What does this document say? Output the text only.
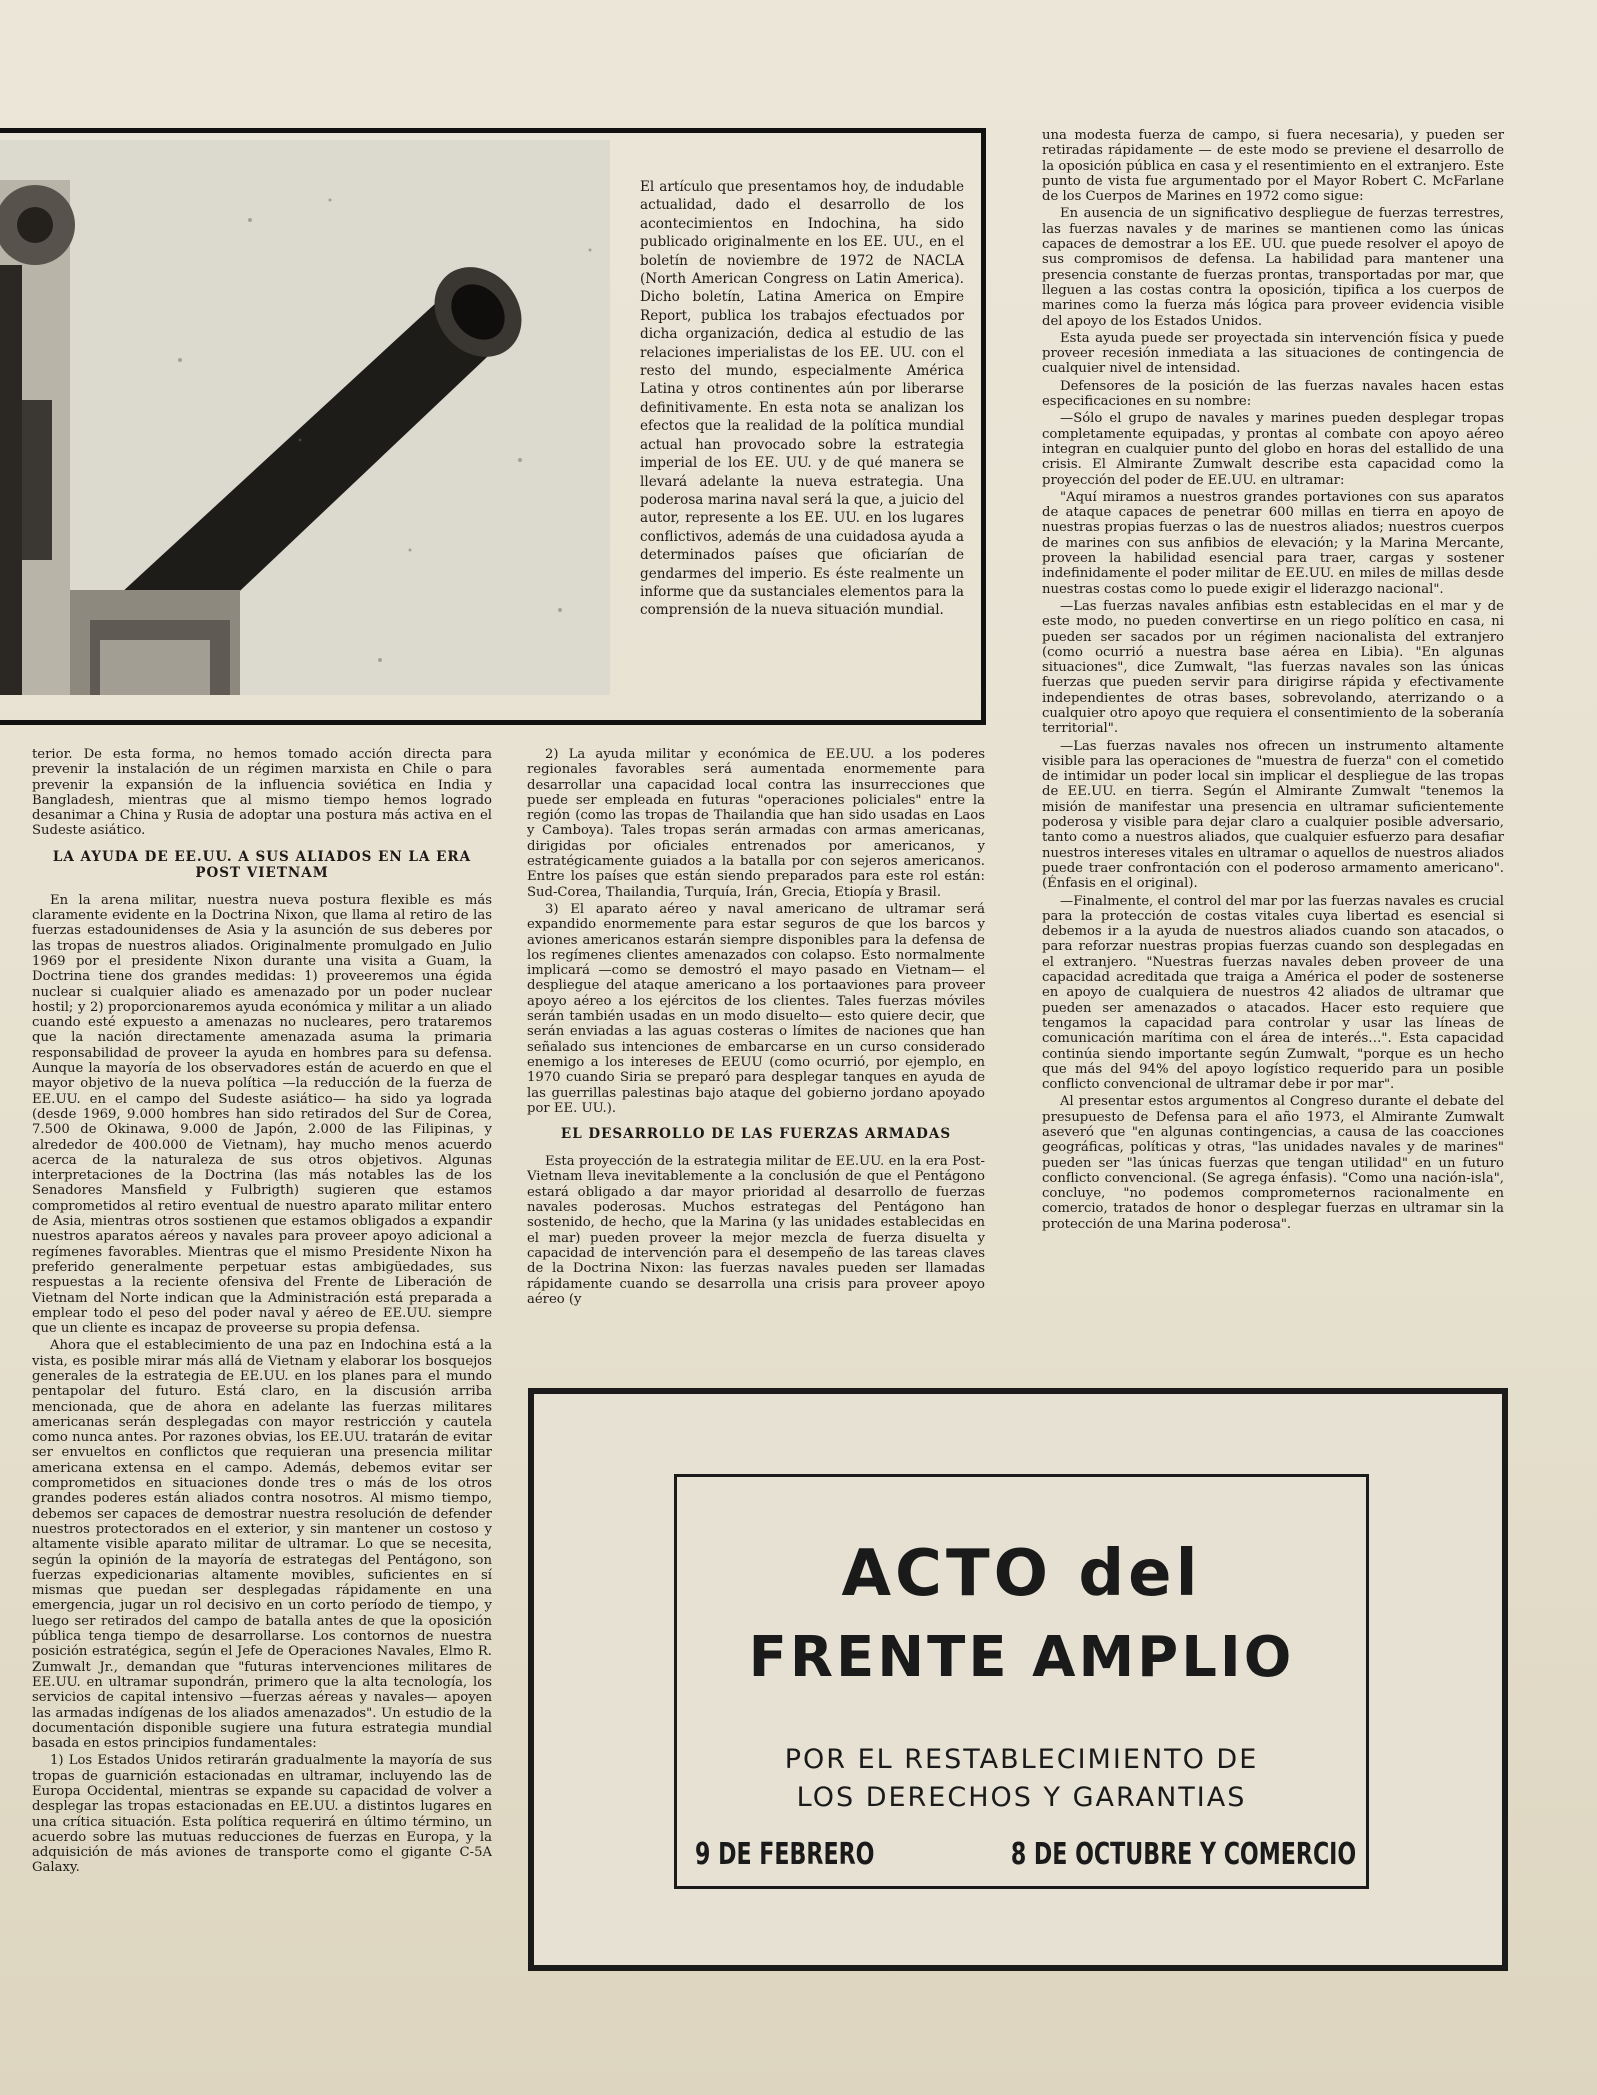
El artículo que presentamos hoy, de indudable actualidad, dado el desarrollo de los acontecimientos en Indochina, ha sido publicado originalmente en los EE. UU., en el boletín de noviembre de 1972 de NACLA (North American Congress on Latin America). Dicho boletín, Latina America on Empire Report, publica los trabajos efectuados por dicha organización, dedica al estudio de las relaciones imperialistas de los EE. UU. con el resto del mundo, especialmente América Latina y otros continentes aún por liberarse definitivamente. En esta nota se analizan los efectos que la realidad de la política mundial actual han provocado sobre la estrategia imperial de los EE. UU. y de qué manera se llevará adelante la nueva estrategia. Una poderosa marina naval será la que, a juicio del autor, represente a los EE. UU. en los lugares conflictivos, además de una cuidadosa ayuda a determinados países que oficiarían de gendarmes del imperio. Es éste realmente un informe que da sustanciales elementos para la comprensión de la nueva situación mundial.

terior. De esta forma, no hemos tomado acción directa para prevenir la instalación de un régimen marxista en Chile o para prevenir la expansión de la influencia soviética en India y Bangladesh, mientras que al mismo tiempo hemos logrado desanimar a China y Rusia de adoptar una postura más activa en el Sudeste asiático.

LA AYUDA DE EE.UU. A SUS ALIADOS EN LA ERA POST VIETNAM

En la arena militar, nuestra nueva postura flexible es más claramente evidente en la Doctrina Nixon, que llama al retiro de las fuerzas estadounidenses de Asia y la asunción de sus deberes por las tropas de nuestros aliados. Originalmente promulgado en Julio 1969 por el presidente Nixon durante una visita a Guam, la Doctrina tiene dos grandes medidas: 1) proveeremos una égida nuclear si cualquier aliado es amenazado por un poder nuclear hostil; y 2) proporcionaremos ayuda económica y militar a un aliado cuando esté expuesto a amenazas no nucleares, pero trataremos que la nación directamente amenazada asuma la primaria responsabilidad de proveer la ayuda en hombres para su defensa. Aunque la mayoría de los observadores están de acuerdo en que el mayor objetivo de la nueva política —la reducción de la fuerza de EE.UU. en el campo del Sudeste asiático— ha sido ya lograda (desde 1969, 9.000 hombres han sido retirados del Sur de Corea, 7.500 de Okinawa, 9.000 de Japón, 2.000 de las Filipinas, y alrededor de 400.000 de Vietnam), hay mucho menos acuerdo acerca de la naturaleza de sus otros objetivos. Algunas interpretaciones de la Doctrina (las más notables las de los Senadores Mansfield y Fulbrigth) sugieren que estamos comprometidos al retiro eventual de nuestro aparato militar entero de Asia, mientras otros sostienen que estamos obligados a expandir nuestros aparatos aéreos y navales para proveer apoyo adicional a regímenes favorables. Mientras que el mismo Presidente Nixon ha preferido generalmente perpetuar estas ambigüedades, sus respuestas a la reciente ofensiva del Frente de Liberación de Vietnam del Norte indican que la Administración está preparada a emplear todo el peso del poder naval y aéreo de EE.UU. siempre que un cliente es incapaz de proveerse su propia defensa.

Ahora que el establecimiento de una paz en Indochina está a la vista, es posible mirar más allá de Vietnam y elaborar los bosquejos generales de la estrategia de EE.UU. en los planes para el mundo pentapolar del futuro. Está claro, en la discusión arriba mencionada, que de ahora en adelante las fuerzas militares americanas serán desplegadas con mayor restricción y cautela como nunca antes. Por razones obvias, los EE.UU. tratarán de evitar ser envueltos en conflictos que requieran una presencia militar americana extensa en el campo. Además, debemos evitar ser comprometidos en situaciones donde tres o más de los otros grandes poderes están aliados contra nosotros. Al mismo tiempo, debemos ser capaces de demostrar nuestra resolución de defender nuestros protectorados en el exterior, y sin mantener un costoso y altamente visible aparato militar de ultramar. Lo que se necesita, según la opinión de la mayoría de estrategas del Pentágono, son fuerzas expedicionarias altamente movibles, suficientes en sí mismas que puedan ser desplegadas rápidamente en una emergencia, jugar un rol decisivo en un corto período de tiempo, y luego ser retirados del campo de batalla antes de que la oposición pública tenga tiempo de desarrollarse. Los contornos de nuestra posición estratégica, según el Jefe de Operaciones Navales, Elmo R. Zumwalt Jr., demandan que "futuras intervenciones militares de EE.UU. en ultramar supondrán, primero que la alta tecnología, los servicios de capital intensivo —fuerzas aéreas y navales— apoyen las armadas indígenas de los aliados amenazados". Un estudio de la documentación disponible sugiere una futura estrategia mundial basada en estos principios fundamentales:

1) Los Estados Unidos retirarán gradualmente la mayoría de sus tropas de guarnición estacionadas en ultramar, incluyendo las de Europa Occidental, mientras se expande su capacidad de volver a desplegar las tropas estacionadas en EE.UU. a distintos lugares en una crítica situación. Esta política requerirá en último término, un acuerdo sobre las mutuas reducciones de fuerzas en Europa, y la adquisición de más aviones de transporte como el gigante C-5A Galaxy.

2) La ayuda militar y económica de EE.UU. a los poderes regionales favorables será aumentada enormemente para desarrollar una capacidad local contra las insurrecciones que puede ser empleada en futuras "operaciones policiales" entre la región (como las tropas de Thailandia que han sido usadas en Laos y Camboya). Tales tropas serán armadas con armas americanas, dirigidas por oficiales entrenados por americanos, y estratégicamente guiados a la batalla por con sejeros americanos. Entre los países que están siendo preparados para este rol están: Sud-Corea, Thailandia, Turquía, Irán, Grecia, Etiopía y Brasil.

3) El aparato aéreo y naval americano de ultramar será expandido enormemente para estar seguros de que los barcos y aviones americanos estarán siempre disponibles para la defensa de los regímenes clientes amenazados con colapso. Esto normalmente implicará —como se demostró el mayo pasado en Vietnam— el despliegue del ataque americano a los portaaviones para proveer apoyo aéreo a los ejércitos de los clientes. Tales fuerzas móviles serán también usadas en un modo disuelto— esto quiere decir, que serán enviadas a las aguas costeras o límites de naciones que han señalado sus intenciones de embarcarse en un curso considerado enemigo a los intereses de EEUU (como ocurrió, por ejemplo, en 1970 cuando Siria se preparó para desplegar tanques en ayuda de las guerrillas palestinas bajo ataque del gobierno jordano apoyado por EE. UU.).

EL DESARROLLO DE LAS FUERZAS ARMADAS

Esta proyección de la estrategia militar de EE.UU. en la era Post-Vietnam lleva inevitablemente a la conclusión de que el Pentágono estará obligado a dar mayor prioridad al desarrollo de fuerzas navales poderosas. Muchos estrategas del Pentágono han sostenido, de hecho, que la Marina (y las unidades establecidas en el mar) pueden proveer la mejor mezcla de fuerza disuelta y capacidad de intervención para el desempeño de las tareas claves de la Doctrina Nixon: las fuerzas navales pueden ser llamadas rápidamente cuando se desarrolla una crisis para proveer apoyo aéreo (y

una modesta fuerza de campo, si fuera necesaria), y pueden ser retiradas rápidamente — de este modo se previene el desarrollo de la oposición pública en casa y el resentimiento en el extranjero. Este punto de vista fue argumentado por el Mayor Robert C. McFarlane de los Cuerpos de Marines en 1972 como sigue:

En ausencia de un significativo despliegue de fuerzas terrestres, las fuerzas navales y de marines se mantienen como las únicas capaces de demostrar a los EE. UU. que puede resolver el apoyo de sus compromisos de defensa. La habilidad para mantener una presencia constante de fuerzas prontas, transportadas por mar, que lleguen a las costas contra la oposición, tipifica a los cuerpos de marines como la fuerza más lógica para proveer evidencia visible del apoyo de los Estados Unidos.

Esta ayuda puede ser proyectada sin intervención física y puede proveer recesión inmediata a las situaciones de contingencia de cualquier nivel de intensidad.

Defensores de la posición de las fuerzas navales hacen estas especificaciones en su nombre:

—Sólo el grupo de navales y marines pueden desplegar tropas completamente equipadas, y prontas al combate con apoyo aéreo integran en cualquier punto del globo en horas del estallido de una crisis. El Almirante Zumwalt describe esta capacidad como la proyección del poder de EE.UU. en ultramar:

"Aquí miramos a nuestros grandes portaviones con sus aparatos de ataque capaces de penetrar 600 millas en tierra en apoyo de nuestras propias fuerzas o las de nuestros aliados; nuestros cuerpos de marines con sus anfibios de elevación; y la Marina Mercante, proveen la habilidad esencial para traer, cargas y sostener indefinidamente el poder militar de EE.UU. en miles de millas desde nuestras costas como lo puede exigir el liderazgo nacional".

—Las fuerzas navales anfibias estn establecidas en el mar y de este modo, no pueden convertirse en un riego político en casa, ni pueden ser sacados por un régimen nacionalista del extranjero (como ocurrió a nuestra base aérea en Libia). "En algunas situaciones", dice Zumwalt, "las fuerzas navales son las únicas fuerzas que pueden servir para dirigirse rápida y efectivamente independientes de otras bases, sobrevolando, aterrizando o a cualquier otro apoyo que requiera el consentimiento de la soberanía territorial".

—Las fuerzas navales nos ofrecen un instrumento altamente visible para las operaciones de "muestra de fuerza" con el cometido de intimidar un poder local sin implicar el despliegue de las tropas de EE.UU. en tierra. Según el Almirante Zumwalt "tenemos la misión de manifestar una presencia en ultramar suficientemente poderosa y visible para dejar claro a cualquier posible adversario, tanto como a nuestros aliados, que cualquier esfuerzo para desafiar nuestros intereses vitales en ultramar o aquellos de nuestros aliados puede traer confrontación con el poderoso armamento americano". (Énfasis en el original).

—Finalmente, el control del mar por las fuerzas navales es crucial para la protección de costas vitales cuya libertad es esencial si debemos ir a la ayuda de nuestros aliados cuando son atacados, o para reforzar nuestras propias fuerzas cuando son desplegadas en el extranjero. "Nuestras fuerzas navales deben proveer de una capacidad acreditada que traiga a América el poder de sostenerse en apoyo de cualquiera de nuestros 42 aliados de ultramar que pueden ser amenazados o atacados. Hacer esto requiere que tengamos la capacidad para controlar y usar las líneas de comunicación marítima con el área de interés…". Esta capacidad continúa siendo importante según Zumwalt, "porque es un hecho que más del 94% del apoyo logístico requerido para un posible conflicto convencional de ultramar debe ir por mar".

Al presentar estos argumentos al Congreso durante el debate del presupuesto de Defensa para el año 1973, el Almirante Zumwalt aseveró que "en algunas contingencias, a causa de las coacciones geográficas, políticas y otras, "las unidades navales y de marines" pueden ser "las únicas fuerzas que tengan utilidad" en un futuro conflicto convencional. (Se agrega énfasis). "Como una nación-isla", concluye, "no podemos comprometernos racionalmente en comercio, tratados de honor o desplegar fuerzas en ultramar sin la protección de una Marina poderosa".

ACTO del
FRENTE AMPLIO
POR EL RESTABLECIMIENTO DE
LOS DERECHOS Y GARANTIAS
9 DE FEBRERO	8 DE OCTUBRE Y COMERCIO
